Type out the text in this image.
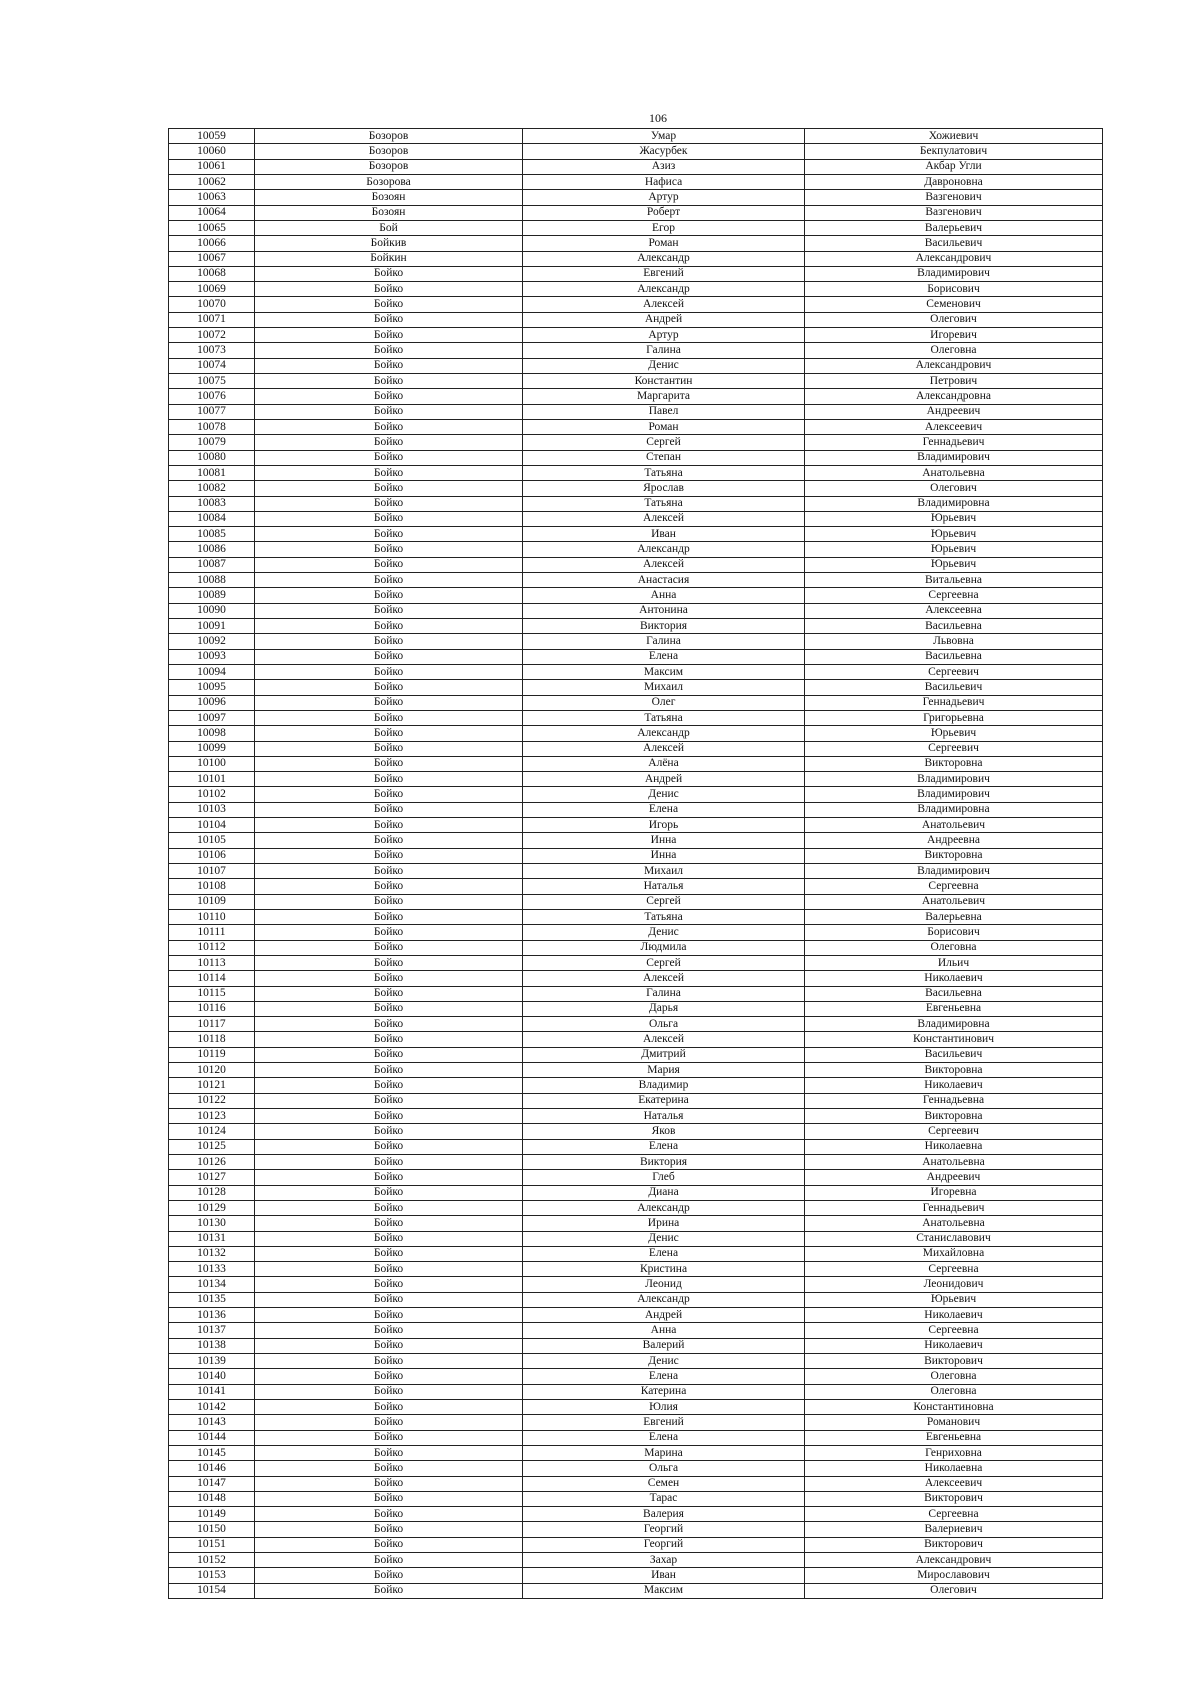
106
10059	Бозоров	Умар	Хожиевич
10060	Бозоров	Жасурбек	Бекпулатович
10061	Бозоров	Азиз	Акбар Угли
10062	Бозорова	Нафиса	Давроновна
10063	Бозоян	Артур	Вазгенович
10064	Бозоян	Роберт	Вазгенович
10065	Бой	Егор	Валерьевич
10066	Бойкив	Роман	Васильевич
10067	Бойкин	Александр	Александрович
10068	Бойко	Евгений	Владимирович
10069	Бойко	Александр	Борисович
10070	Бойко	Алексей	Семенович
10071	Бойко	Андрей	Олегович
10072	Бойко	Артур	Игоревич
10073	Бойко	Галина	Олеговна
10074	Бойко	Денис	Александрович
10075	Бойко	Константин	Петрович
10076	Бойко	Маргарита	Александровна
10077	Бойко	Павел	Андреевич
10078	Бойко	Роман	Алексеевич
10079	Бойко	Сергей	Геннадьевич
10080	Бойко	Степан	Владимирович
10081	Бойко	Татьяна	Анатольевна
10082	Бойко	Ярослав	Олегович
10083	Бойко	Татьяна	Владимировна
10084	Бойко	Алексей	Юрьевич
10085	Бойко	Иван	Юрьевич
10086	Бойко	Александр	Юрьевич
10087	Бойко	Алексей	Юрьевич
10088	Бойко	Анастасия	Витальевна
10089	Бойко	Анна	Сергеевна
10090	Бойко	Антонина	Алексеевна
10091	Бойко	Виктория	Васильевна
10092	Бойко	Галина	Львовна
10093	Бойко	Елена	Васильевна
10094	Бойко	Максим	Сергеевич
10095	Бойко	Михаил	Васильевич
10096	Бойко	Олег	Геннадьевич
10097	Бойко	Татьяна	Григорьевна
10098	Бойко	Александр	Юрьевич
10099	Бойко	Алексей	Сергеевич
10100	Бойко	Алёна	Викторовна
10101	Бойко	Андрей	Владимирович
10102	Бойко	Денис	Владимирович
10103	Бойко	Елена	Владимировна
10104	Бойко	Игорь	Анатольевич
10105	Бойко	Инна	Андреевна
10106	Бойко	Инна	Викторовна
10107	Бойко	Михаил	Владимирович
10108	Бойко	Наталья	Сергеевна
10109	Бойко	Сергей	Анатольевич
10110	Бойко	Татьяна	Валерьевна
10111	Бойко	Денис	Борисович
10112	Бойко	Людмила	Олеговна
10113	Бойко	Сергей	Ильич
10114	Бойко	Алексей	Николаевич
10115	Бойко	Галина	Васильевна
10116	Бойко	Дарья	Евгеньевна
10117	Бойко	Ольга	Владимировна
10118	Бойко	Алексей	Константинович
10119	Бойко	Дмитрий	Васильевич
10120	Бойко	Мария	Викторовна
10121	Бойко	Владимир	Николаевич
10122	Бойко	Екатерина	Геннадьевна
10123	Бойко	Наталья	Викторовна
10124	Бойко	Яков	Сергеевич
10125	Бойко	Елена	Николаевна
10126	Бойко	Виктория	Анатольевна
10127	Бойко	Глеб	Андреевич
10128	Бойко	Диана	Игоревна
10129	Бойко	Александр	Геннадьевич
10130	Бойко	Ирина	Анатольевна
10131	Бойко	Денис	Станиславович
10132	Бойко	Елена	Михайловна
10133	Бойко	Кристина	Сергеевна
10134	Бойко	Леонид	Леонидович
10135	Бойко	Александр	Юрьевич
10136	Бойко	Андрей	Николаевич
10137	Бойко	Анна	Сергеевна
10138	Бойко	Валерий	Николаевич
10139	Бойко	Денис	Викторович
10140	Бойко	Елена	Олеговна
10141	Бойко	Катерина	Олеговна
10142	Бойко	Юлия	Константиновна
10143	Бойко	Евгений	Романович
10144	Бойко	Елена	Евгеньевна
10145	Бойко	Марина	Генриховна
10146	Бойко	Ольга	Николаевна
10147	Бойко	Семен	Алексеевич
10148	Бойко	Тарас	Викторович
10149	Бойко	Валерия	Сергеевна
10150	Бойко	Георгий	Валериевич
10151	Бойко	Георгий	Викторович
10152	Бойко	Захар	Александрович
10153	Бойко	Иван	Мирославович
10154	Бойко	Максим	Олегович
